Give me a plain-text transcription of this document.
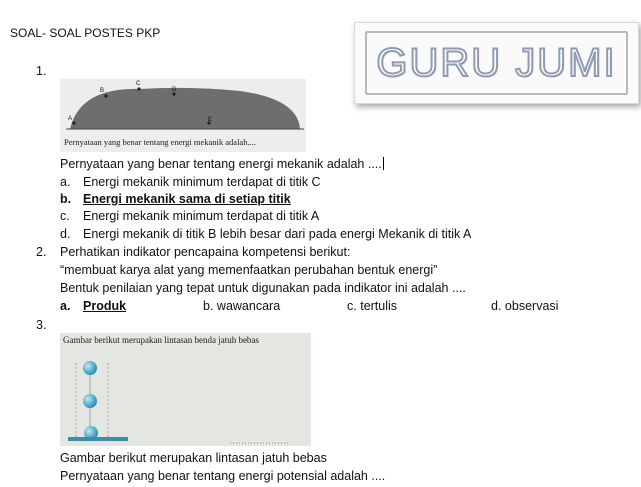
SOAL- SOAL POSTES PKP
GURU JUMI
1.
A
B
C
D
E
Pernyataan yang benar tentang energi mekanik adalah....
Pernyataan yang benar tentang energi mekanik adalah ....
a. Energi mekanik minimum terdapat di titik C
b. Energi mekanik sama di setiap titik
c. Energi mekanik minimum terdapat di titik A
d. Energi mekanik di titik B lebih besar dari pada energi Mekanik di titik A
2. Perhatikan indikator pencapaina kompetensi berikut:
“membuat karya alat yang memenfaatkan perubahan bentuk energi”
Bentuk penilaian yang tepat untuk digunakan pada indikator ini adalah ....
a. Produk	b. wawancara	c. tertulis	d. observasi
3.
Gambar berikut merupakan lintasan benda jatuh bebas
Gambar berikut merupakan lintasan jatuh bebas
Pernyataan yang benar tentang energi potensial adalah ....
